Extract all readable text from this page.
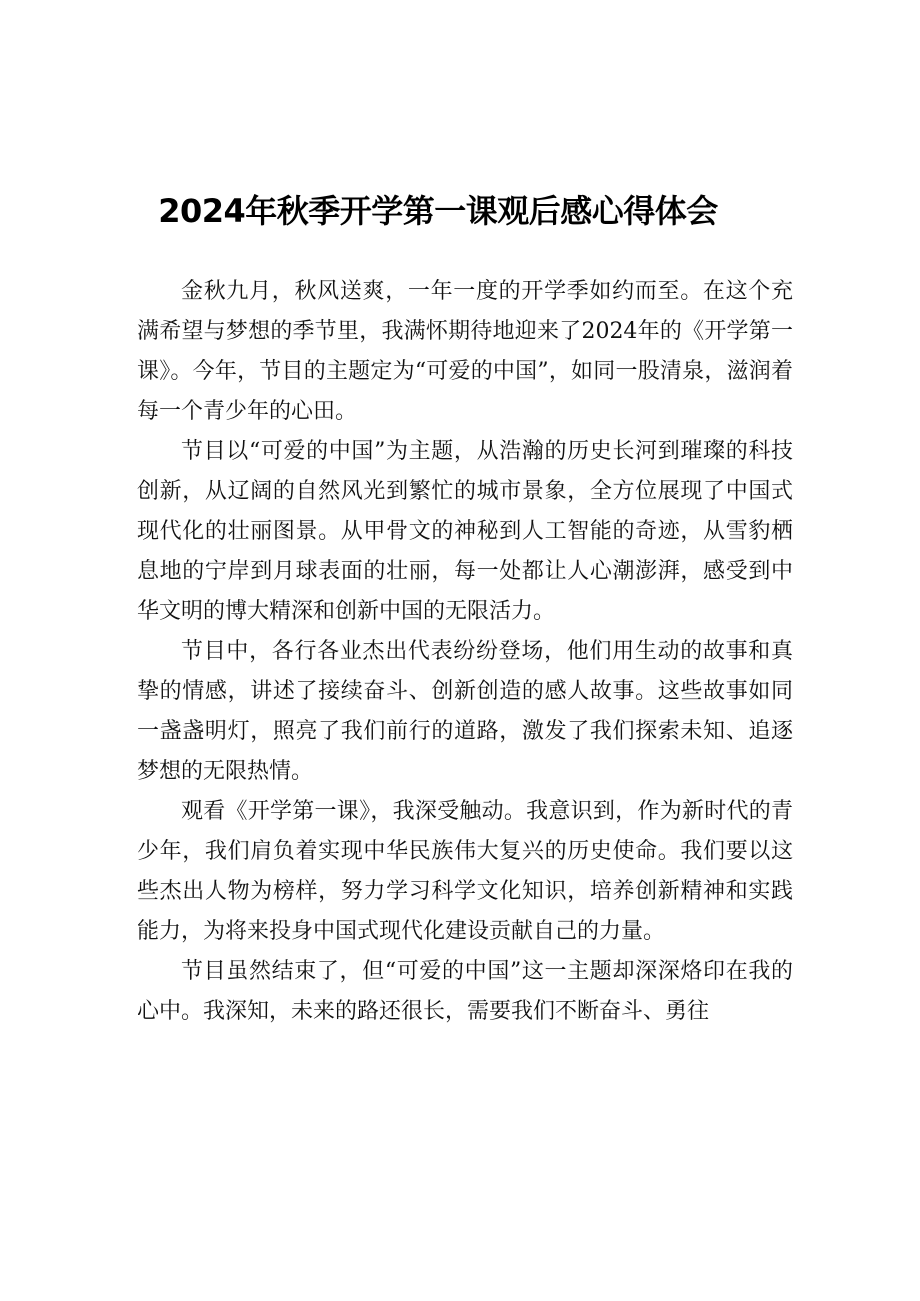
2024年秋季开学第一课观后感心得体会

金秋九月，秋风送爽，一年一度的开学季如约而至。在这个充满希望与梦想的季节里，我满怀期待地迎来了2024年的《开学第一课》。今年，节目的主题定为“可爱的中国”，如同一股清泉，滋润着每一个青少年的心田。

节目以“可爱的中国”为主题，从浩瀚的历史长河到璀璨的科技创新，从辽阔的自然风光到繁忙的城市景象，全方位展现了中国式现代化的壮丽图景。从甲骨文的神秘到人工智能的奇迹，从雪豹栖息地的宁岸到月球表面的壮丽，每一处都让人心潮澎湃，感受到中华文明的博大精深和创新中国的无限活力。

节目中，各行各业杰出代表纷纷登场，他们用生动的故事和真挚的情感，讲述了接续奋斗、创新创造的感人故事。这些故事如同一盏盏明灯，照亮了我们前行的道路，激发了我们探索未知、追逐梦想的无限热情。

观看《开学第一课》，我深受触动。我意识到，作为新时代的青少年，我们肩负着实现中华民族伟大复兴的历史使命。我们要以这些杰出人物为榜样，努力学习科学文化知识，培养创新精神和实践能力，为将来投身中国式现代化建设贡献自己的力量。

节目虽然结束了，但“可爱的中国”这一主题却深深烙印在我的心中。我深知，未来的路还很长，需要我们不断奋斗、勇往
